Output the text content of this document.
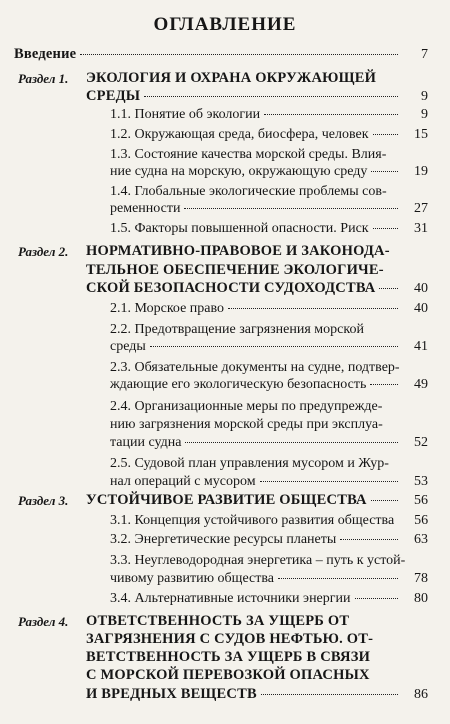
ОГЛАВЛЕНИЕ
Введение	7
Раздел 1. ЭКОЛОГИЯ И ОХРАНА ОКРУЖАЮЩЕЙ
СРЕДЫ	9
1.1. Понятие об экологии	9
1.2. Окружающая среда, биосфера, человек	15
1.3. Состояние качества морской среды. Влия-
ние судна на морскую, окружающую среду	19
1.4. Глобальные экологические проблемы сов-
ременности	27
1.5. Факторы повышенной опасности. Риск	31
Раздел 2. НОРМАТИВНО-ПРАВОВОЕ И ЗАКОНОДА-
ТЕЛЬНОЕ ОБЕСПЕЧЕНИЕ ЭКОЛОГИЧЕ-
СКОЙ БЕЗОПАСНОСТИ СУДОХОДСТВА	40
2.1. Морское право	40
2.2. Предотвращение загрязнения морской
среды	41
2.3. Обязательные документы на судне, подтвер-
ждающие его экологическую безопасность	49
2.4. Организационные меры по предупрежде-
нию загрязнения морской среды при эксплуа-
тации судна	52
2.5. Судовой план управления мусором и Жур-
нал операций с мусором	53
Раздел 3. УСТОЙЧИВОЕ РАЗВИТИЕ ОБЩЕСТВА	56
3.1. Концепция устойчивого развития общества	56
3.2. Энергетические ресурсы планеты	63
3.3. Неуглеводородная энергетика – путь к устой-
чивому развитию общества	78
3.4. Альтернативные источники энергии	80
Раздел 4. ОТВЕТСТВЕННОСТЬ ЗА УЩЕРБ ОТ
ЗАГРЯЗНЕНИЯ С СУДОВ НЕФТЬЮ. ОТ-
ВЕТСТВЕННОСТЬ ЗА УЩЕРБ В СВЯЗИ
С МОРСКОЙ ПЕРЕВОЗКОЙ ОПАСНЫХ
И ВРЕДНЫХ ВЕЩЕСТВ	86
